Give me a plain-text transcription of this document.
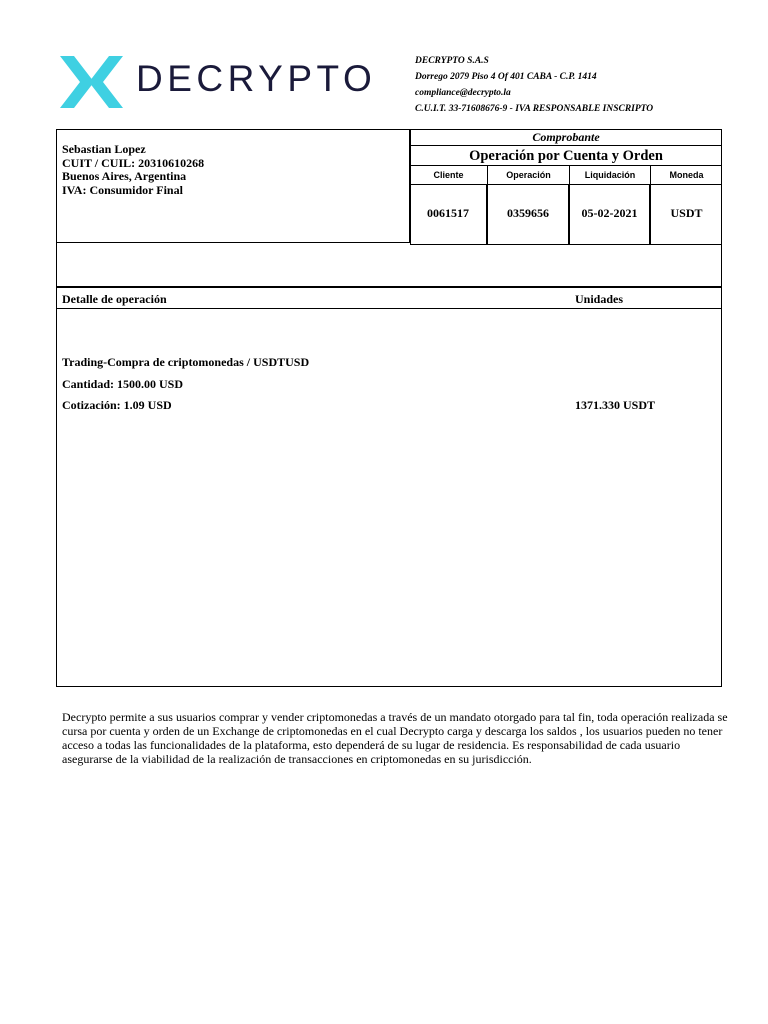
DECRYPTO	DECRYPTO S.A.S
Dorrego 2079 Piso 4 Of 401 CABA - C.P. 1414
compliance@decrypto.la
C.U.I.T. 33-71608676-9 - IVA RESPONSABLE INSCRIPTO
Sebastian Lopez
CUIT / CUIL: 20310610268
Buenos Aires, Argentina
IVA: Consumidor Final
Comprobante
Operación por Cuenta y Orden
Cliente	Operación	Liquidación	Moneda
0061517	0359656	05-02-2021	USDT
Detalle de operación	Unidades
Trading-Compra de criptomonedas / USDTUSD
Cantidad: 1500.00 USD
Cotización: 1.09 USD	1371.330 USDT
Decrypto permite a sus usuarios comprar y vender criptomonedas a través de un mandato otorgado para tal fin, toda operación realizada se cursa por cuenta y orden de un Exchange de criptomonedas en el cual Decrypto carga y descarga los saldos , los usuarios pueden no tener acceso a todas las funcionalidades de la plataforma, esto dependerá de su lugar de residencia. Es responsabilidad de cada usuario asegurarse de la viabilidad de la realización de transacciones en criptomonedas en su jurisdicción.
